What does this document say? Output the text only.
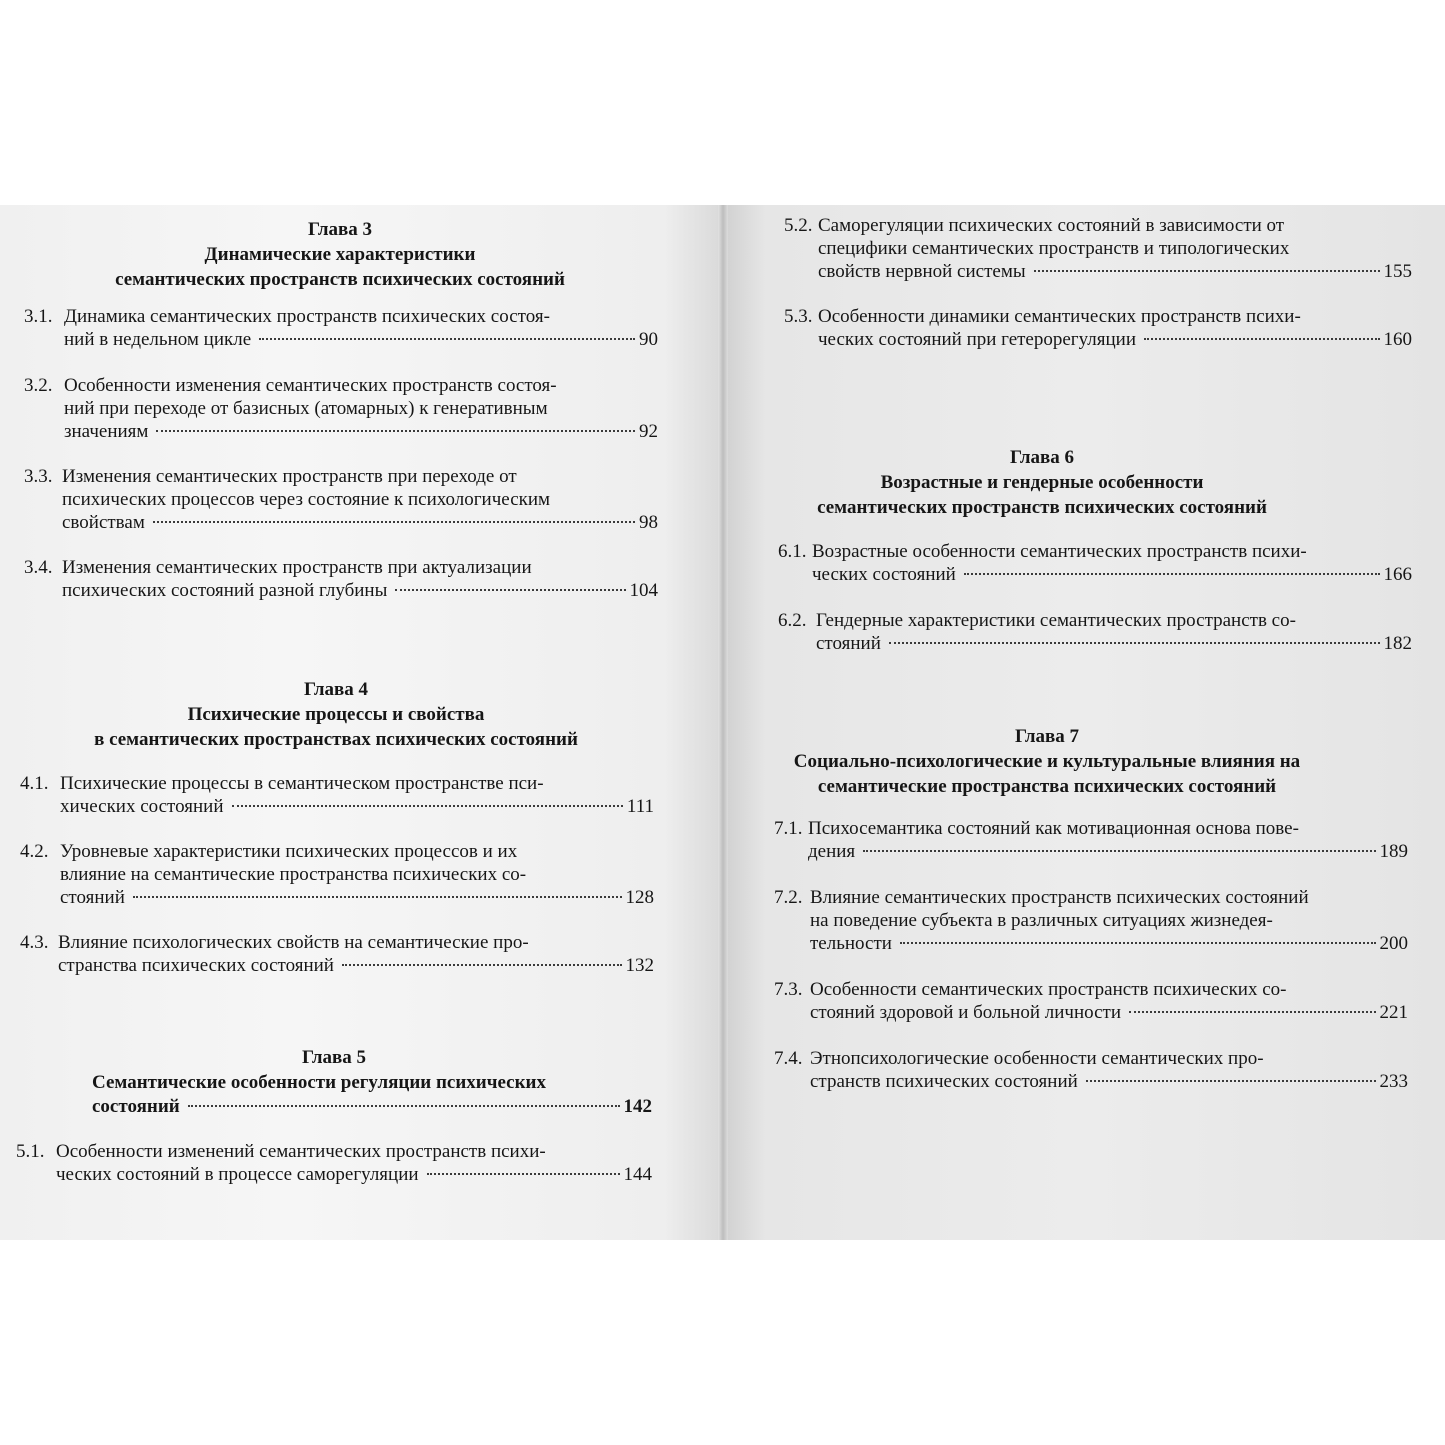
Глава 3
Динамические характеристики
семантических пространств психических состояний
3.1. Динамика семантических пространств психических состоя-
ний в недельном цикле	90
3.2. Особенности изменения семантических пространств состоя-
ний при переходе от базисных (атомарных) к генеративным
значениям	92
3.3. Изменения семантических пространств при переходе от
психических процессов через состояние к психологическим
свойствам	98
3.4. Изменения семантических пространств при актуализации
психических состояний разной глубины	104
Глава 4
Психические процессы и свойства
в семантических пространствах психических состояний
4.1. Психические процессы в семантическом пространстве пси-
хических состояний	111
4.2. Уровневые характеристики психических процессов и их
влияние на семантические пространства психических со-
стояний	128
4.3. Влияние психологических свойств на семантические про-
странства психических состояний	132
Глава 5
Семантические особенности регуляции психических
состояний	142
5.1. Особенности изменений семантических пространств психи-
ческих состояний в процессе саморегуляции	144
5.2. Саморегуляции психических состояний в зависимости от
специфики семантических пространств и типологических
свойств нервной системы	155
5.3. Особенности динамики семантических пространств психи-
ческих состояний при гетерорегуляции	160
Глава 6
Возрастные и гендерные особенности
семантических пространств психических состояний
6.1. Возрастные особенности семантических пространств психи-
ческих состояний	166
6.2. Гендерные характеристики семантических пространств со-
стояний	182
Глава 7
Социально-психологические и культуральные влияния на
семантические пространства психических состояний
7.1. Психосемантика состояний как мотивационная основа пове-
дения	189
7.2. Влияние семантических пространств психических состояний
на поведение субъекта в различных ситуациях жизнедея-
тельности	200
7.3. Особенности семантических пространств психических со-
стояний здоровой и больной личности	221
7.4. Этнопсихологические особенности семантических про-
странств психических состояний	233
